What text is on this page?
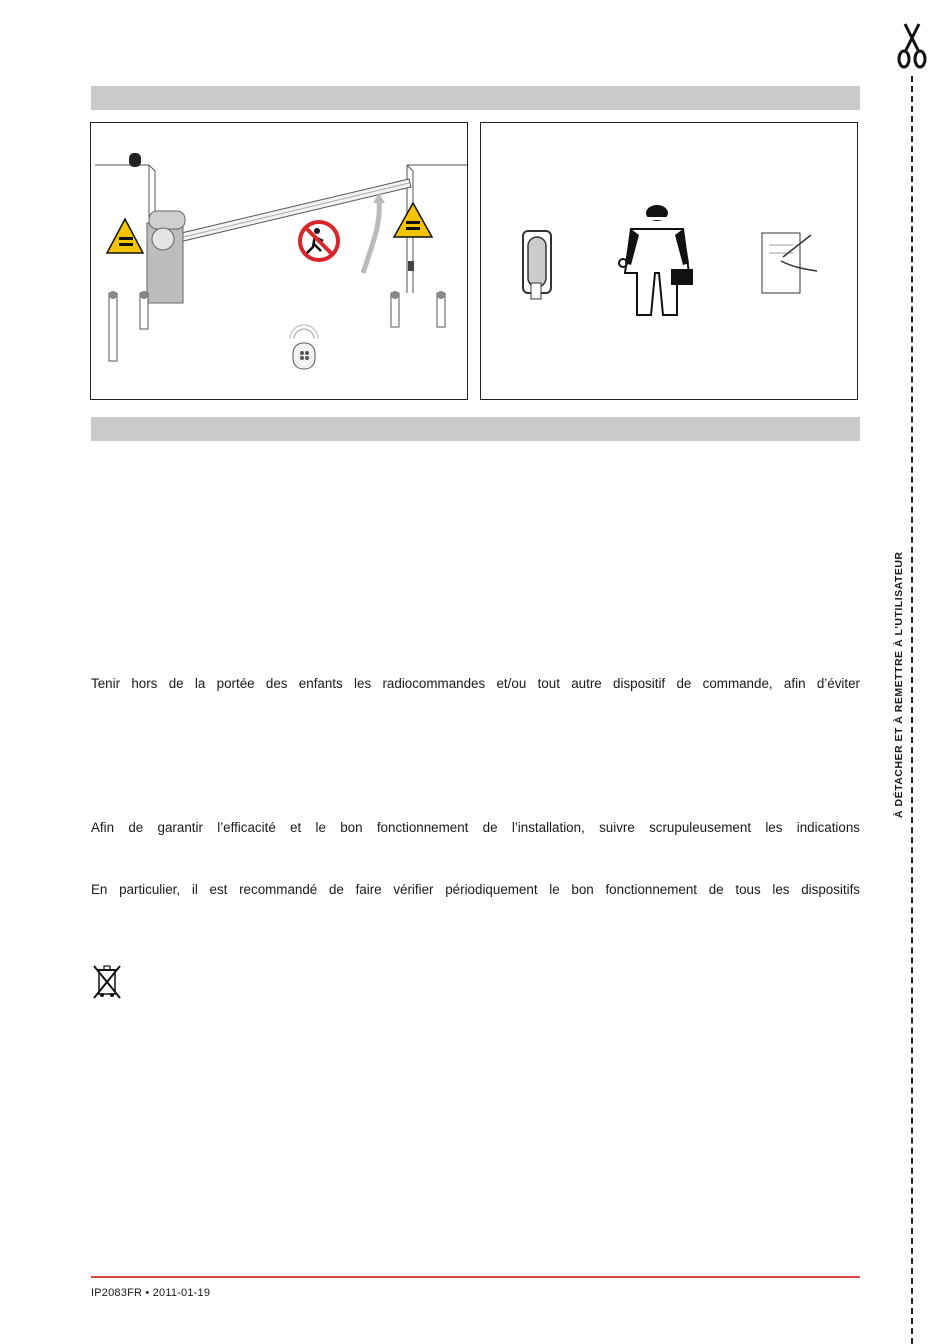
À DÉTACHER ET À REMETTRE À L'UTILISATEUR
Tenir hors de la portée des enfants les radiocommandes et/ou tout autre dispositif de commande, afin d’éviter
Afin de garantir l’efficacité et le bon fonctionnement de l’installation, suivre scrupuleusement les indications
En particulier, il est recommandé de faire vérifier périodiquement le bon fonctionnement de tous les dispositifs
IP2083FR • 2011-01-19
